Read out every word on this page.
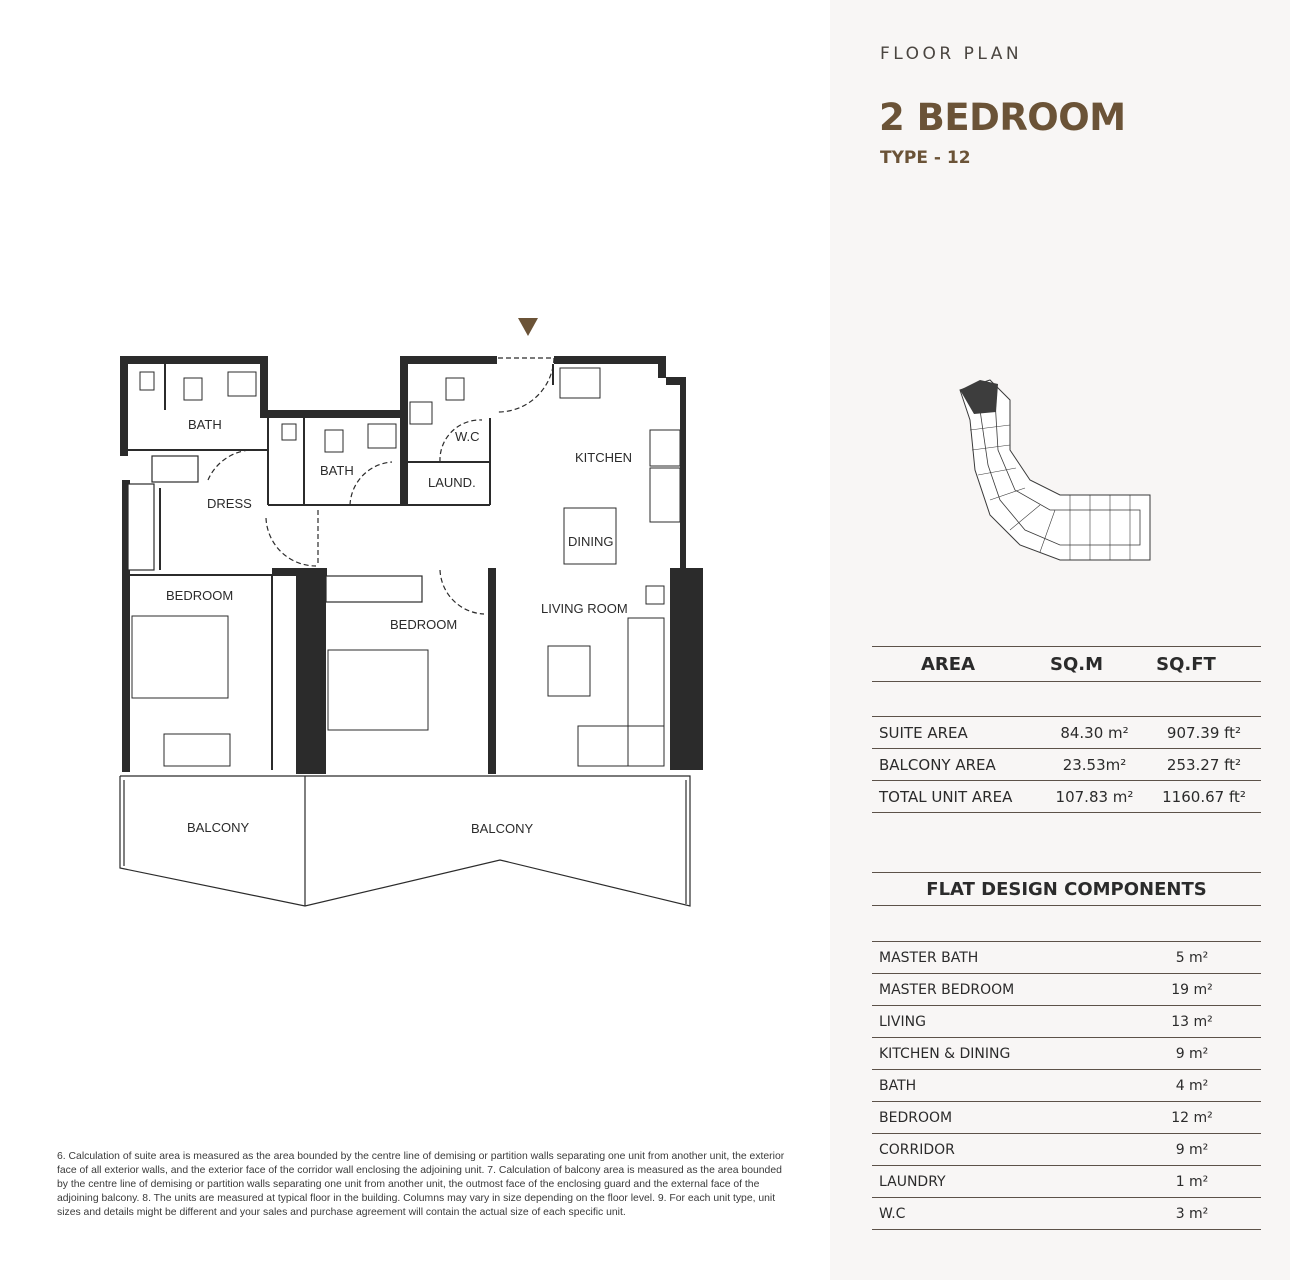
BATH
BATH
W.C
LAUND.
KITCHEN
DRESS
DINING
BEDROOM
BEDROOM
LIVING ROOM
BALCONY	BALCONY
6. Calculation of suite area is measured as the area bounded by the centre line of demising or partition walls separating one unit from another unit, the exterior face of all exterior walls, and the exterior face of the corridor wall enclosing the adjoining unit. 7. Calculation of balcony area is measured as the area bounded by the centre line of demising or partition walls separating one unit from another unit, the outmost face of the enclosing guard and the external face of the adjoining balcony. 8. The units are measured at typical floor in the building. Columns may vary in size depending on the floor level. 9. For each unit type, unit sizes and details might be different and your sales and purchase agreement will contain the actual size of each specific unit.
FLOOR PLAN
2 BEDROOM
TYPE - 12
AREA	SQ.M	SQ.FT
SUITE AREA	84.30 m²	907.39 ft²
BALCONY AREA	23.53m²	253.27 ft²
TOTAL UNIT AREA	107.83 m²	1160.67 ft²
FLAT DESIGN COMPONENTS
MASTER BATH	5 m²
MASTER BEDROOM	19 m²
LIVING	13 m²
KITCHEN & DINING	9 m²
BATH	4 m²
BEDROOM	12 m²
CORRIDOR	9 m²
LAUNDRY	1 m²
W.C	3 m²
